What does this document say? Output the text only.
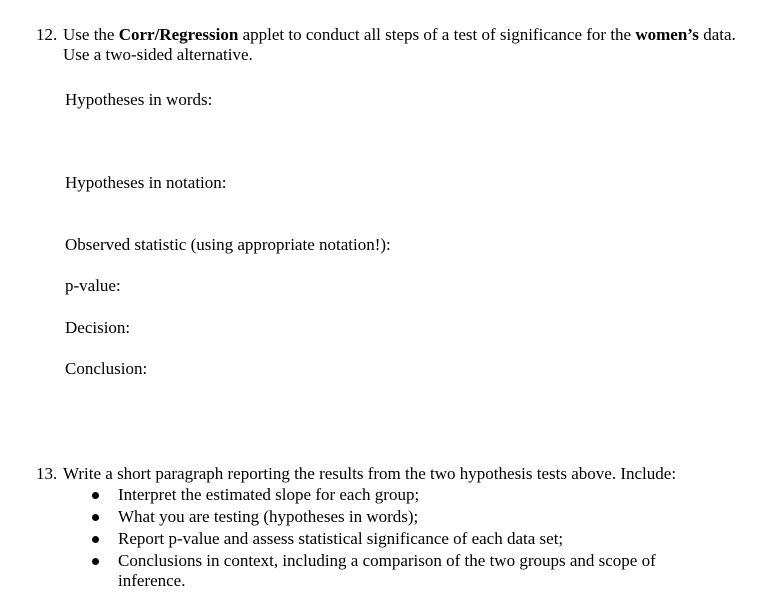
12. Use the Corr/Regression applet to conduct all steps of a test of significance for the women’s data. Use a two-sided alternative.
Hypotheses in words:
Hypotheses in notation:
Observed statistic (using appropriate notation!):
p-value:
Decision:
Conclusion:
13. Write a short paragraph reporting the results from the two hypothesis tests above. Include:
Interpret the estimated slope for each group;
What you are testing (hypotheses in words);
Report p-value and assess statistical significance of each data set;
Conclusions in context, including a comparison of the two groups and scope of inference.
